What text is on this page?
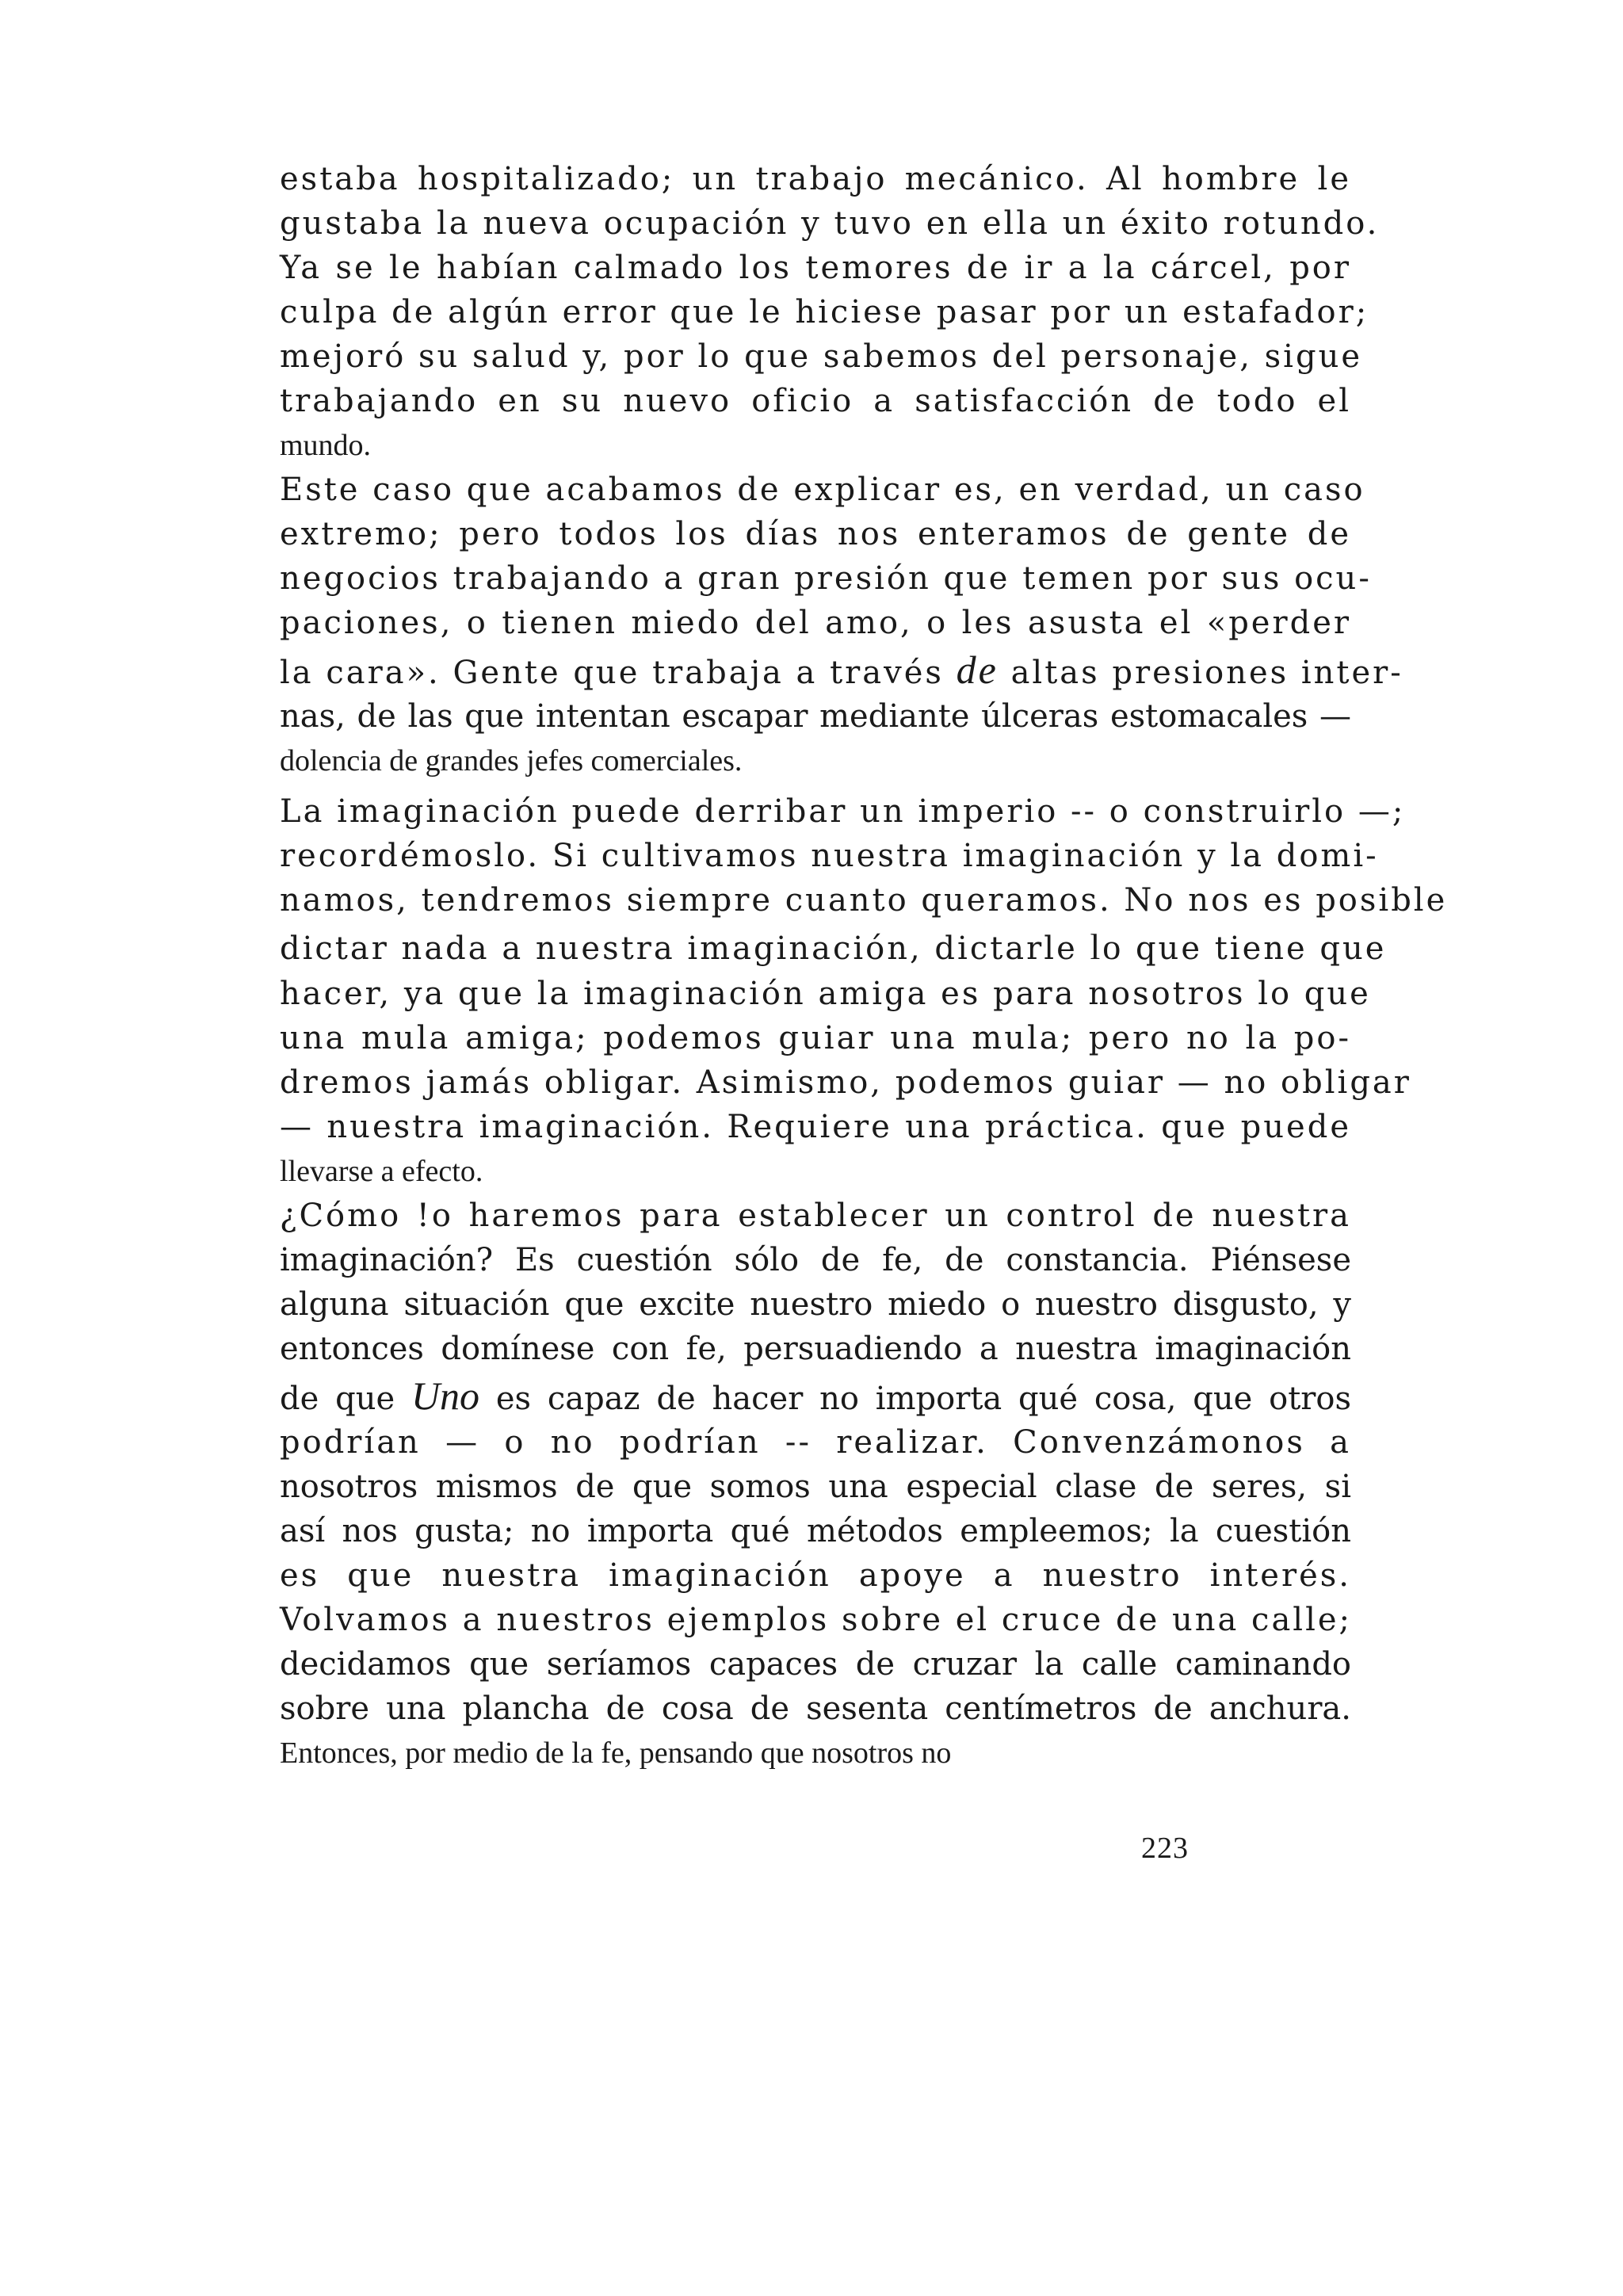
estaba hospitalizado; un trabajo mecánico. Al hombre le
gustaba la nueva ocupación y tuvo en ella un éxito rotundo.
Ya se le habían calmado los temores de ir a la cárcel, por
culpa de algún error que le hiciese pasar por un estafador;
mejoró su salud y, por lo que sabemos del personaje, sigue
trabajando en su nuevo oficio a satisfacción de todo el
mundo.
Este caso que acabamos de explicar es, en verdad, un caso
extremo; pero todos los días nos enteramos de gente de
negocios trabajando a gran presión que temen por sus ocu-
paciones, o tienen miedo del amo, o les asusta el «perder
la cara». Gente que trabaja a través de altas presiones inter-
nas, de las que intentan escapar mediante úlceras estomacales —
dolencia de grandes jefes comerciales.
La imaginación puede derribar un imperio -- o construirlo —;
recordémoslo. Si cultivamos nuestra imaginación y la domi-
namos, tendremos siempre cuanto queramos. No nos es posible
dictar nada a nuestra imaginación, dictarle lo que tiene que
hacer, ya que la imaginación amiga es para nosotros lo que
una mula amiga; podemos guiar una mula; pero no la po-
dremos jamás obligar. Asimismo, podemos guiar — no obligar
— nuestra imaginación. Requiere una práctica. que puede
llevarse a efecto.
¿Cómo !o haremos para establecer un control de nuestra
imaginación? Es cuestión sólo de fe, de constancia. Piénsese
alguna situación que excite nuestro miedo o nuestro disgusto, y
entonces domínese con fe, persuadiendo a nuestra imaginación
de que Uno es capaz de hacer no importa qué cosa, que otros
podrían — o no podrían -- realizar. Convenzámonos a
nosotros mismos de que somos una especial clase de seres, si
así nos gusta; no importa qué métodos empleemos; la cuestión
es que nuestra imaginación apoye a nuestro interés.
Volvamos a nuestros ejemplos sobre el cruce de una calle;
decidamos que seríamos capaces de cruzar la calle caminando
sobre una plancha de cosa de sesenta centímetros de anchura.
Entonces, por medio de la fe, pensando que nosotros no
223
